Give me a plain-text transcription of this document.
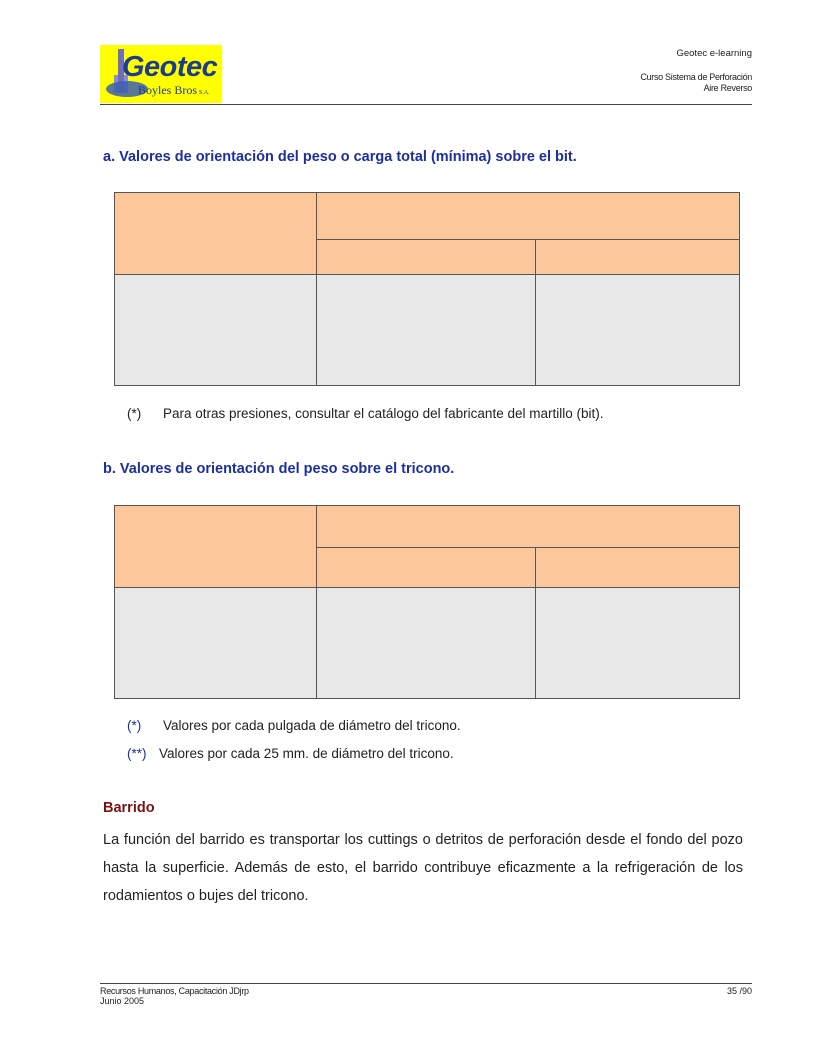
Geotec
Boyles Bros S.A.
Geotec e-learning
Curso Sistema de Perforación
Aire Reverso
a. Valores de orientación del peso o carga total (mínima) sobre el bit.
(*) Para otras presiones, consultar el catálogo del fabricante del martillo (bit).
b. Valores de orientación del peso sobre el tricono.
(*) Valores por cada pulgada de diámetro del tricono.
(**) Valores por cada 25 mm. de diámetro del tricono.
Barrido
La función del barrido es transportar los cuttings o detritos de perforación desde el fondo del pozo hasta la superficie. Además de esto, el barrido contribuye eficazmente a la refrigeración de los rodamientos o bujes del tricono.
Recursos Humanos, Capacitación JDjrp
Junio 2005
35 /90
